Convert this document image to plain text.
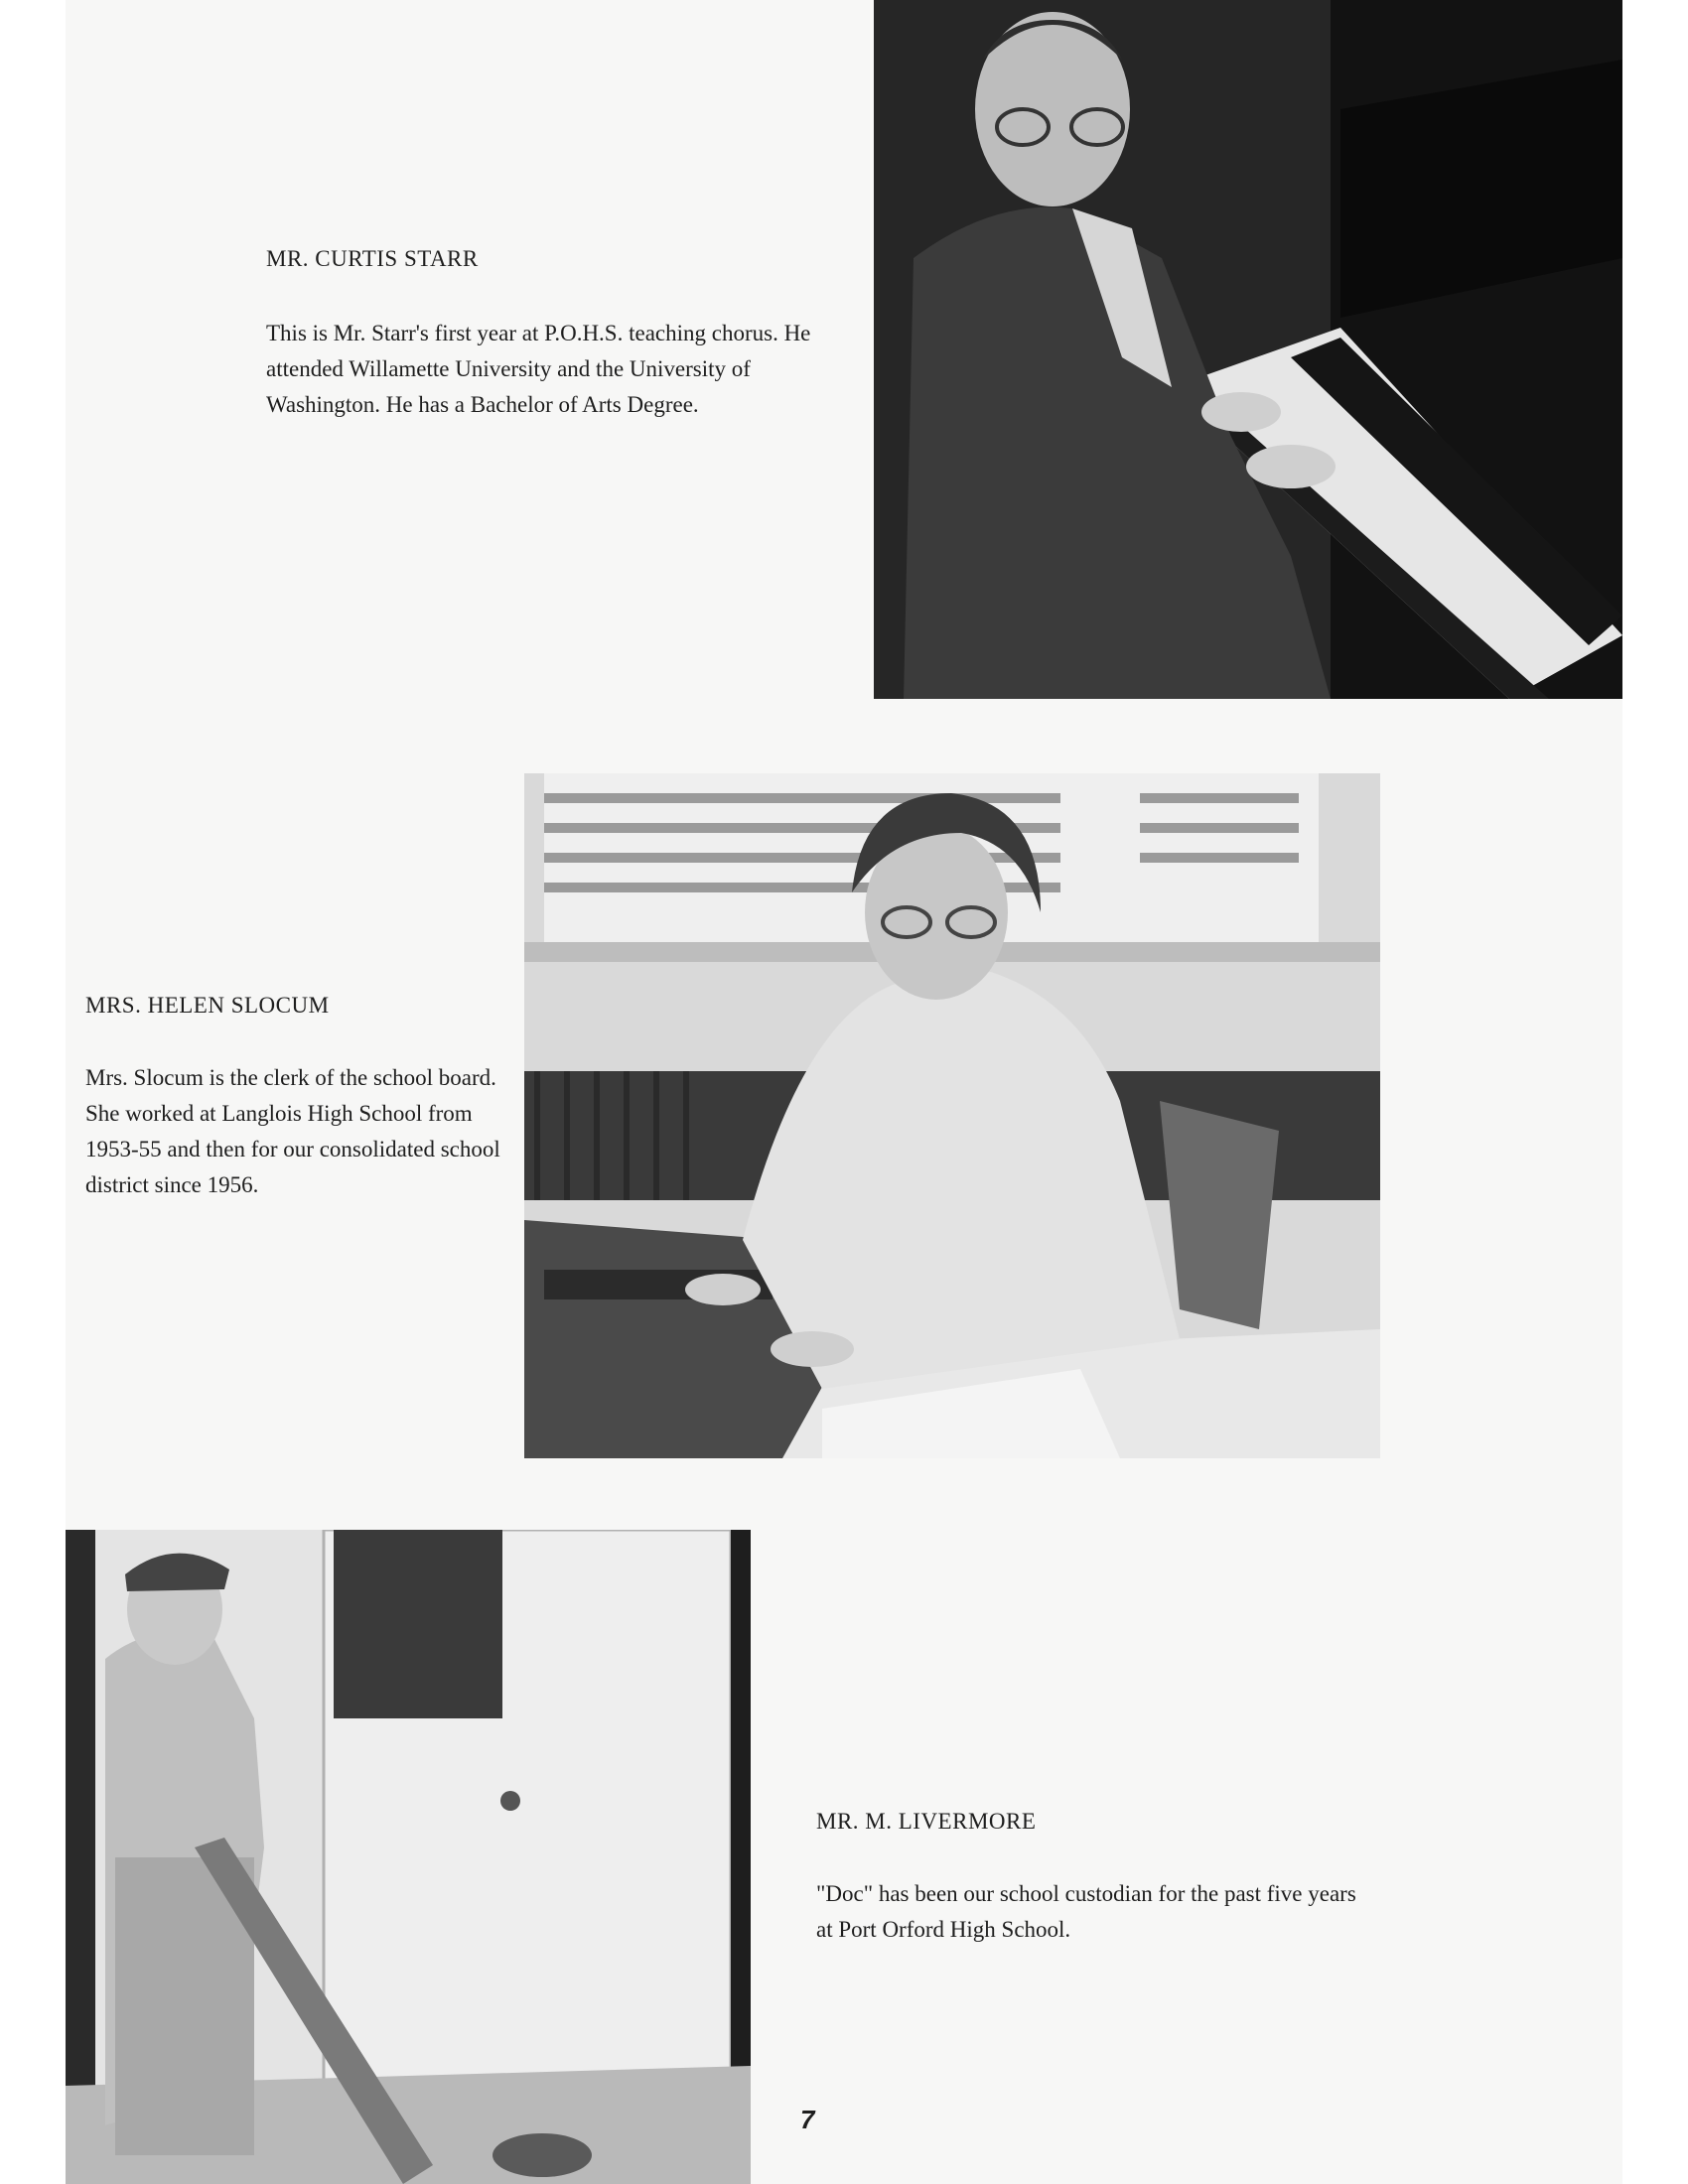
MR. CURTIS STARR

This is Mr. Starr's first year at P.O.H.S. teaching chorus. He attended Willamette University and the University of Washington. He has a Bachelor of Arts Degree.

MRS. HELEN SLOCUM

Mrs. Slocum is the clerk of the school board. She worked at Langlois High School from 1953-55 and then for our consolidated school district since 1956.

MR. M. LIVERMORE

"Doc" has been our school custodian for the past five years at Port Orford High School.

7
